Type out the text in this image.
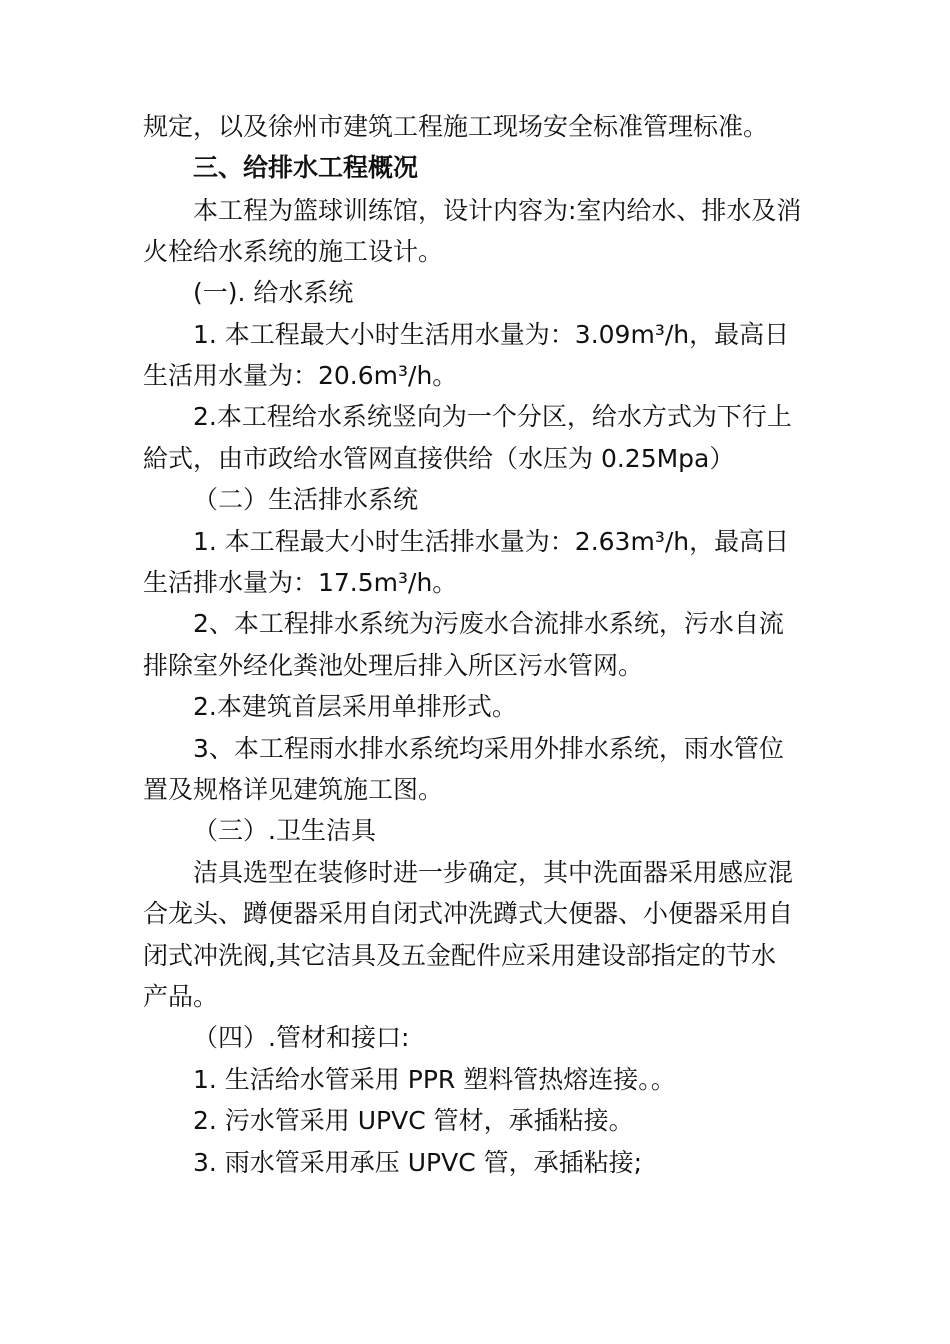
规定，以及徐州市建筑工程施工现场安全标准管理标准。
三、给排水工程概况
本工程为篮球训练馆，设计内容为:室内给水、排水及消
火栓给水系统的施工设计。
(一). 给水系统
1. 本工程最大小时生活用水量为：3.09m³/h，最高日
生活用水量为：20.6m³/h。
2.本工程给水系统竖向为一个分区，给水方式为下行上
給式，由市政给水管网直接供给（水压为 0.25Mpa）
（二）生活排水系统
1. 本工程最大小时生活排水量为：2.63m³/h，最高日
生活排水量为：17.5m³/h。
2、本工程排水系统为污废水合流排水系统，污水自流
排除室外经化粪池处理后排入所区污水管网。
2.本建筑首层采用单排形式。
3、本工程雨水排水系统均采用外排水系统，雨水管位
置及规格详见建筑施工图。
（三）.卫生洁具
洁具选型在装修时进一步确定，其中洗面器采用感应混
合龙头、蹲便器采用自闭式冲洗蹲式大便器、小便器采用自
闭式冲洗阀,其它洁具及五金配件应采用建设部指定的节水
产品。
（四）.管材和接口:
1. 生活给水管采用 PPR 塑料管热熔连接。。
2. 污水管采用 UPVC 管材，承插粘接。
3. 雨水管采用承压 UPVC 管，承插粘接;
